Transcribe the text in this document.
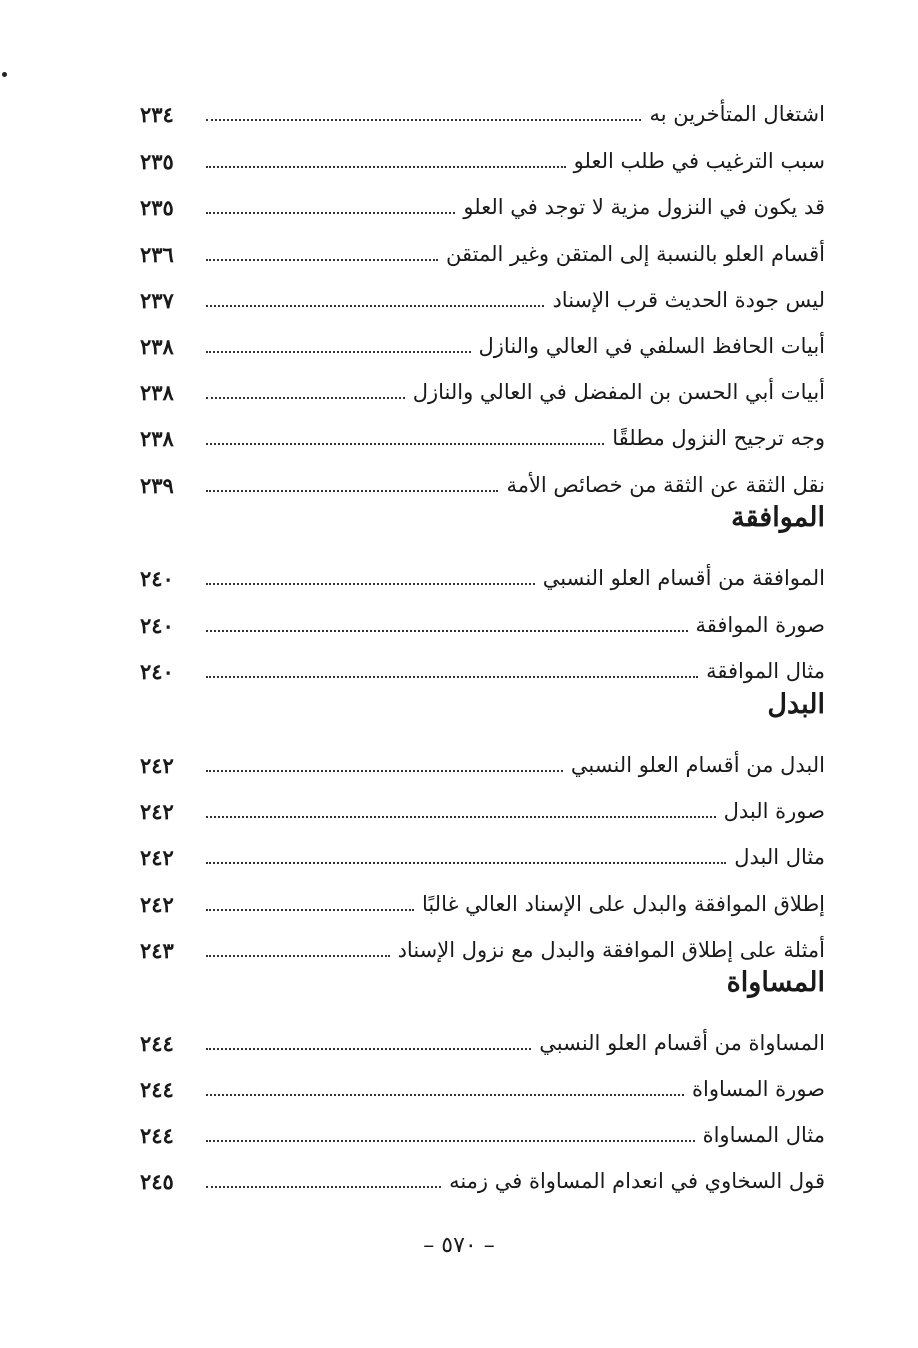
اشتغال المتأخرين به
٢٣٤
سبب الترغيب في طلب العلو
٢٣٥
قد يكون في النزول مزية لا توجد في العلو
٢٣٥
أقسام العلو بالنسبة إلى المتقن وغير المتقن
٢٣٦
ليس جودة الحديث قرب الإسناد
٢٣٧
أبيات الحافظ السلفي في العالي والنازل
٢٣٨
أبيات أبي الحسن بن المفضل في العالي والنازل
٢٣٨
وجه ترجيح النزول مطلقًا
٢٣٨
نقل الثقة عن الثقة من خصائص الأمة
٢٣٩
الموافقة
الموافقة من أقسام العلو النسبي
٢٤٠
صورة الموافقة
٢٤٠
مثال الموافقة
٢٤٠
البدل
البدل من أقسام العلو النسبي
٢٤٢
صورة البدل
٢٤٢
مثال البدل
٢٤٢
إطلاق الموافقة والبدل على الإسناد العالي غالبًا
٢٤٢
أمثلة على إطلاق الموافقة والبدل مع نزول الإسناد
٢٤٣
المساواة
المساواة من أقسام العلو النسبي
٢٤٤
صورة المساواة
٢٤٤
مثال المساواة
٢٤٤
قول السخاوي في انعدام المساواة في زمنه
٢٤٥
– ٥٧٠ –
